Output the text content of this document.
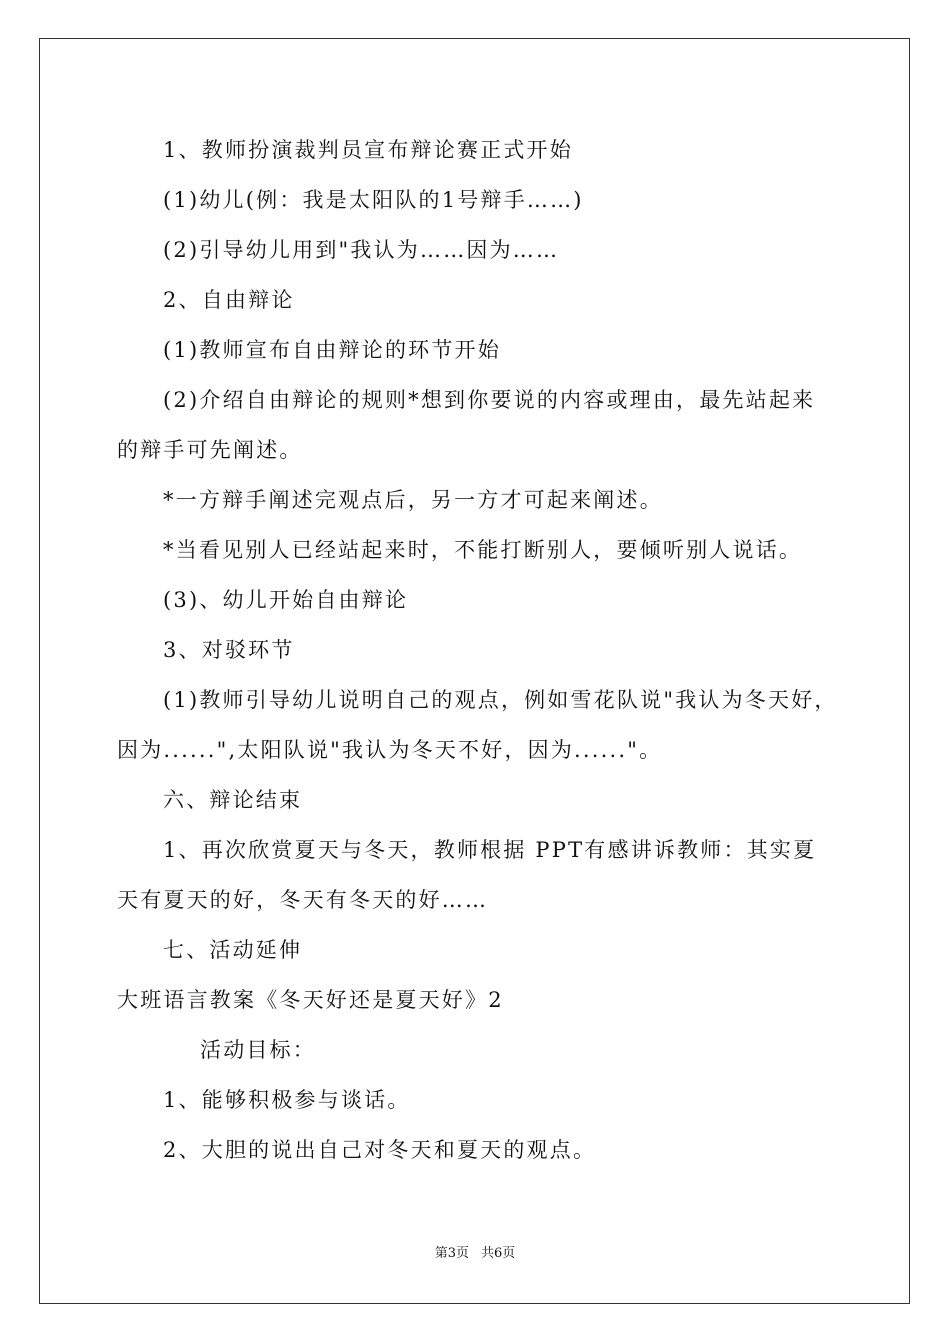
1、教师扮演裁判员宣布辩论赛正式开始
(1)幼儿(例：我是太阳队的1号辩手……)
(2)引导幼儿用到"我认为……因为……
2、自由辩论
(1)教师宣布自由辩论的环节开始
(2)介绍自由辩论的规则*想到你要说的内容或理由，最先站起来
的辩手可先阐述。
*一方辩手阐述完观点后，另一方才可起来阐述。
*当看见别人已经站起来时，不能打断别人，要倾听别人说话。
(3)、幼儿开始自由辩论
3、对驳环节
(1)教师引导幼儿说明自己的观点，例如雪花队说"我认为冬天好，
因为......",太阳队说"我认为冬天不好，因为......"。
六、辩论结束
1、再次欣赏夏天与冬天，教师根据 PPT有感讲诉教师：其实夏
天有夏天的好，冬天有冬天的好……
七、活动延伸
大班语言教案《冬天好还是夏天好》2
活动目标：
1、能够积极参与谈话。
2、大胆的说出自己对冬天和夏天的观点。
第3页 共6页
